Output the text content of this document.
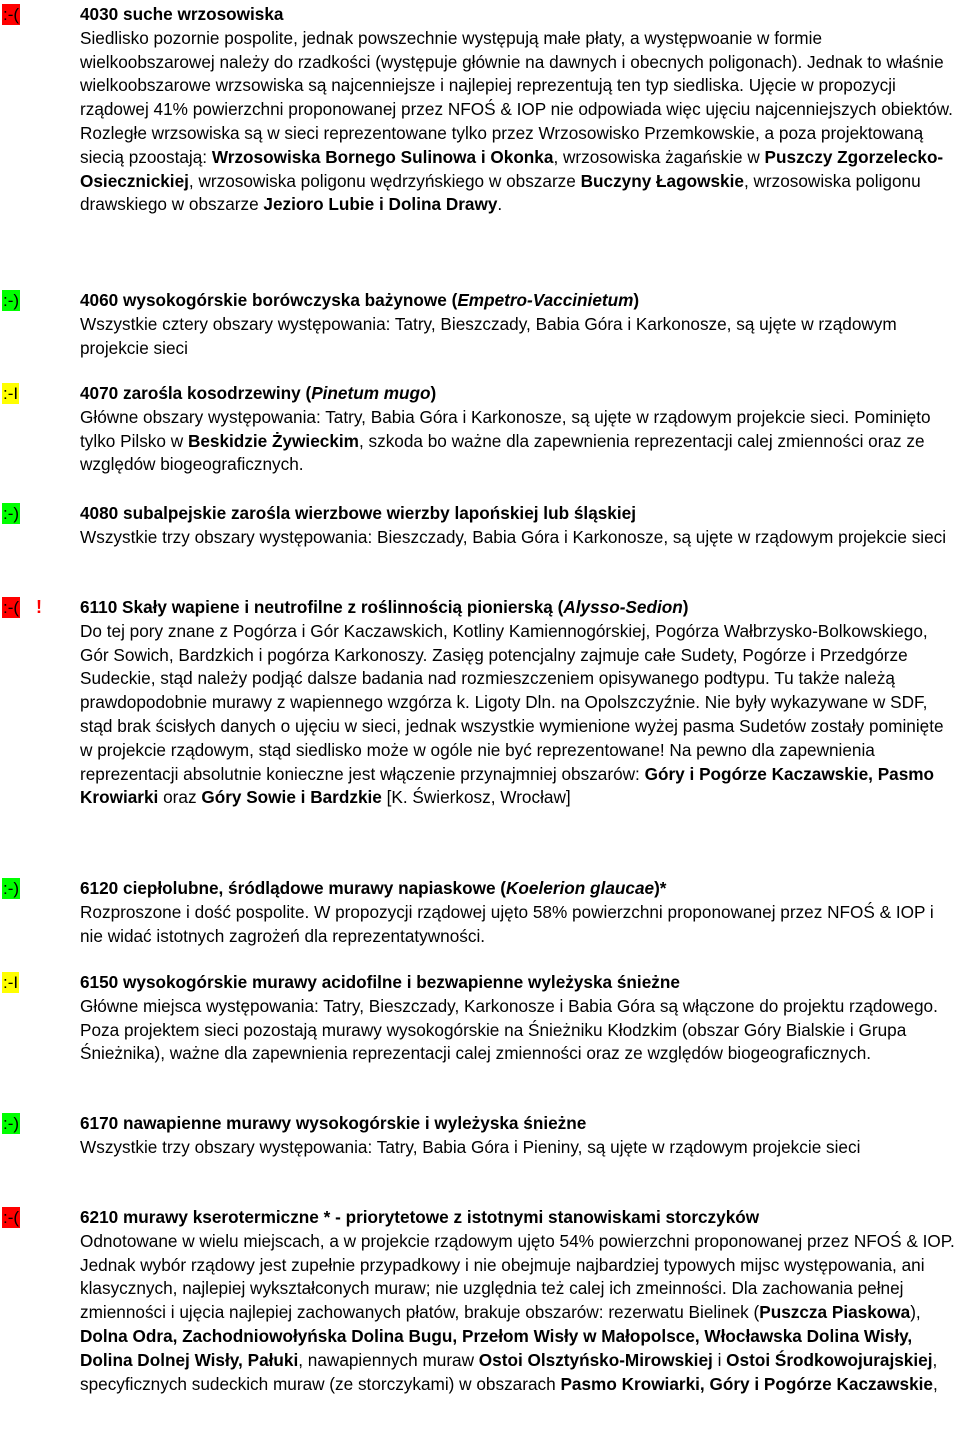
:-(	4030 suche wrzosowiska
Siedlisko pozornie pospolite, jednak powszechnie występują małe płaty, a występwoanie w formie wielkoobszarowej należy do rzadkości (występuje głównie na dawnych i obecnych poligonach). Jednak to właśnie wielkoobszarowe wrzsowiska są najcenniejsze i najlepiej reprezentują ten typ siedliska. Ujęcie w propozycji rządowej 41% powierzchni proponowanej przez NFOŚ & IOP nie odpowiada więc ujęciu najcenniejszych obiektów. Rozległe wrzsowiska są w sieci reprezentowane tylko przez Wrzosowisko Przemkowskie, a poza projektowaną siecią pzoostają: Wrzosowiska Bornego Sulinowa i Okonka, wrzosowiska żagańskie w Puszczy Zgorzelecko-Osiecznickiej, wrzosowiska poligonu wędrzyńskiego w obszarze Buczyny Łagowskie, wrzosowiska poligonu drawskiego w obszarze Jezioro Lubie i Dolina Drawy.
:-)	4060 wysokogórskie borówczyska bażynowe (Empetro-Vaccinietum)
Wszystkie cztery obszary występowania: Tatry, Bieszczady, Babia Góra i Karkonosze, są ujęte w rządowym projekcie sieci
:-I	4070 zarośla kosodrzewiny (Pinetum mugo)
Główne obszary występowania: Tatry, Babia Góra i Karkonosze, są ujęte w rządowym projekcie sieci. Pominięto tylko Pilsko w Beskidzie Żywieckim, szkoda bo ważne dla zapewnienia reprezentacji calej zmienności oraz ze względów biogeograficznych.
:-)	4080 subalpejskie zarośla wierzbowe wierzby lapońskiej lub śląskiej
Wszystkie trzy obszary występowania: Bieszczady, Babia Góra i Karkonosze, są ujęte w rządowym projekcie sieci
:-( ! 6110 Skały wapiene i neutrofilne z roślinnością pionierską (Alysso-Sedion)
Do tej pory znane z Pogórza i Gór Kaczawskich, Kotliny Kamiennogórskiej, Pogórza Wałbrzysko-Bolkowskiego, Gór Sowich, Bardzkich i pogórza Karkonoszy. Zasięg potencjalny zajmuje całe Sudety, Pogórze i Przedgórze Sudeckie, stąd należy podjąć dalsze badania nad rozmieszczeniem opisywanego podtypu. Tu także należą prawdopodobnie murawy z wapiennego wzgórza k. Ligoty Dln. na Opolszczyźnie. Nie były wykazywane w SDF, stąd brak ścisłych danych o ujęciu w sieci, jednak wszystkie wymienione wyżej pasma Sudetów zostały pominięte w projekcie rządowym, stąd siedlisko może w ogóle nie być reprezentowane! Na pewno dla zapewnienia reprezentacji absolutnie konieczne jest włączenie przynajmniej obszarów: Góry i Pogórze Kaczawskie, Pasmo Krowiarki oraz Góry Sowie i Bardzkie [K. Świerkosz, Wrocław]
:-)	6120 ciepłolubne, śródlądowe murawy napiaskowe (Koelerion glaucae)*
Rozproszone i dość pospolite. W propozycji rządowej ujęto 58% powierzchni proponowanej przez NFOŚ & IOP i nie widać istotnych zagrożeń dla reprezentatywności.
:-I	6150 wysokogórskie murawy acidofilne i bezwapienne wyleżyska śnieżne
Główne miejsca występowania: Tatry, Bieszczady, Karkonosze i Babia Góra są włączone do projektu rządowego. Poza projektem sieci pozostają murawy wysokogórskie na Śnieżniku Kłodzkim (obszar Góry Bialskie i Grupa Śnieżnika), ważne dla zapewnienia reprezentacji calej zmienności oraz ze względów biogeograficznych.
:-)	6170 nawapienne murawy wysokogórskie i wyleżyska śnieżne
Wszystkie trzy obszary występowania: Tatry, Babia Góra i Pieniny, są ujęte w rządowym projekcie sieci
:-(	6210 murawy kserotermiczne * - priorytetowe z istotnymi stanowiskami storczyków
Odnotowane w wielu miejscach, a w projekcie rządowym ujęto 54% powierzchni proponowanej przez NFOŚ & IOP. Jednak wybór rządowy jest zupełnie przypadkowy i nie obejmuje najbardziej typowych mijsc występowania, ani klasycznych, najlepiej wykształconych muraw; nie uzględnia też calej ich zmeinności. Dla zachowania pełnej zmienności i ujęcia najlepiej zachowanych płatów, brakuje obszarów: rezerwatu Bielinek (Puszcza Piaskowa), Dolna Odra, Zachodniowołyńska Dolina Bugu, Przełom Wisły w Małopolsce, Włocławska Dolina Wisły, Dolina Dolnej Wisły, Pałuki, nawapiennych muraw Ostoi Olsztyńsko-Mirowskiej i Ostoi Środkowojurajskiej, specyficznych sudeckich muraw (ze storczykami) w obszarach Pasmo Krowiarki, Góry i Pogórze Kaczawskie,
